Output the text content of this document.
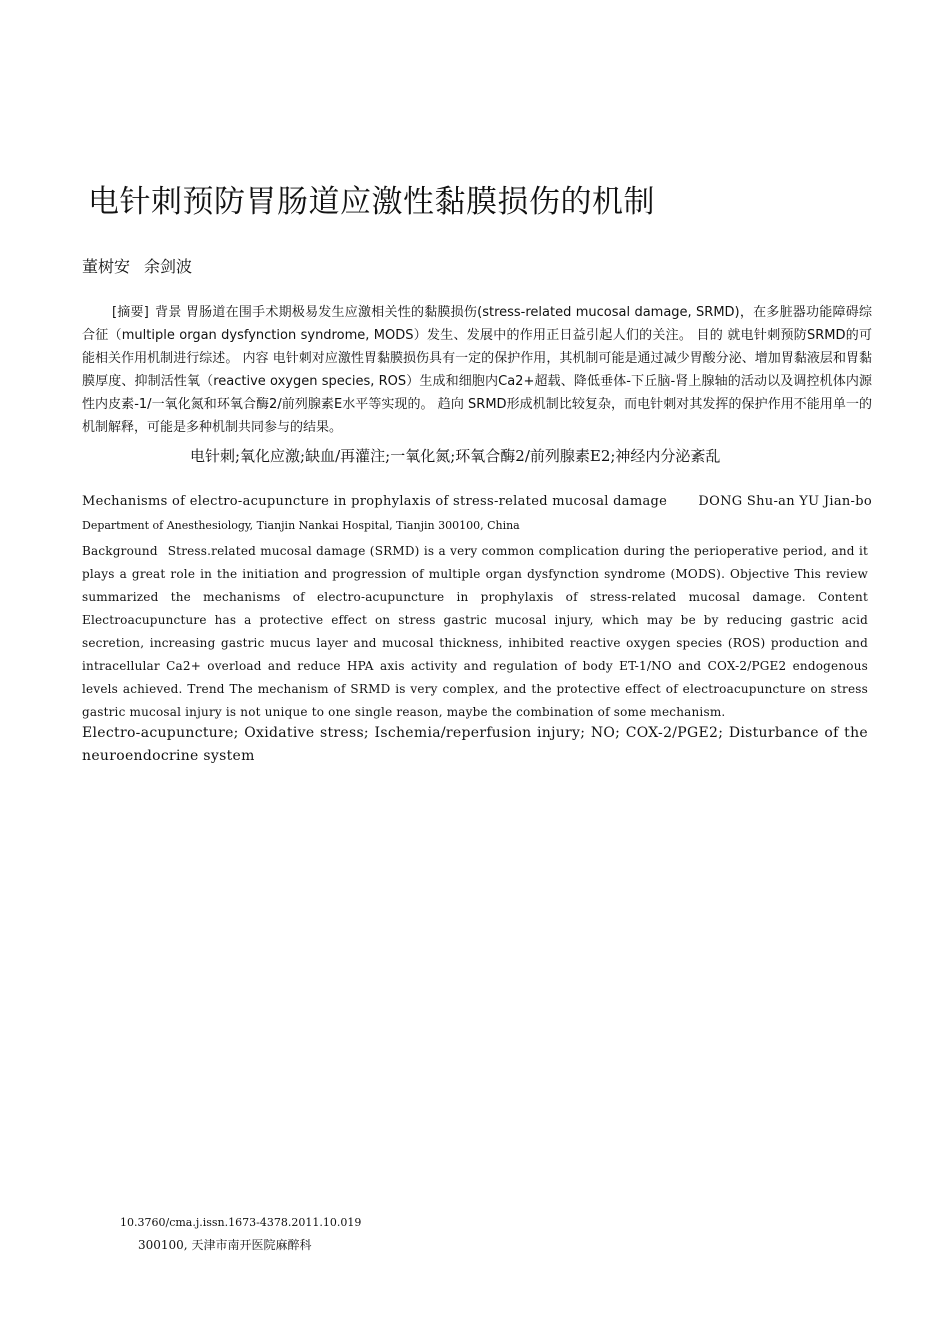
电针刺预防胃肠道应激性黏膜损伤的机制
董树安 余剑波
[摘要] 背景 胃肠道在围手术期极易发生应激相关性的黏膜损伤(stress-related mucosal damage, SRMD)，在多脏器功能障碍综合征（multiple organ dysfynction syndrome, MODS）发生、发展中的作用正日益引起人们的关注。 目的 就电针刺预防SRMD的可能相关作用机制进行综述。 内容 电针刺对应激性胃黏膜损伤具有一定的保护作用，其机制可能是通过减少胃酸分泌、增加胃黏液层和胃黏膜厚度、抑制活性氧（reactive oxygen species, ROS）生成和细胞内Ca2+超载、降低垂体-下丘脑-肾上腺轴的活动以及调控机体内源性内皮素-1/一氧化氮和环氧合酶2/前列腺素E水平等实现的。 趋向 SRMD形成机制比较复杂，而电针刺对其发挥的保护作用不能用单一的机制解释，可能是多种机制共同参与的结果。
电针刺;氧化应激;缺血/再灌注;一氧化氮;环氧合酶2/前列腺素E2;神经内分泌紊乱
Mechanisms of electro-acupuncture in prophylaxis of stress-related mucosal damage DONG Shu-an YU Jian-bo
Department of Anesthesiology, Tianjin Nankai Hospital, Tianjin 300100, China
Background Stress.related mucosal damage (SRMD) is a very common complication during the perioperative period, and it plays a great role in the initiation and progression of multiple organ dysfynction syndrome (MODS). Objective This review summarized the mechanisms of electro-acupuncture in prophylaxis of stress-related mucosal damage. Content Electroacupuncture has a protective effect on stress gastric mucosal injury, which may be by reducing gastric acid secretion, increasing gastric mucus layer and mucosal thickness, inhibited reactive oxygen species (ROS) production and intracellular Ca2+ overload and reduce HPA axis activity and regulation of body ET-1/NO and COX-2/PGE2 endogenous levels achieved. Trend The mechanism of SRMD is very complex, and the protective effect of electroacupuncture on stress gastric mucosal injury is not unique to one single reason, maybe the combination of some mechanism.
Electro-acupuncture; Oxidative stress; Ischemia/reperfusion injury; NO; COX-2/PGE2; Disturbance of the neuroendocrine system
10.3760/cma.j.issn.1673-4378.2011.10.019
300100, 天津市南开医院麻醉科
